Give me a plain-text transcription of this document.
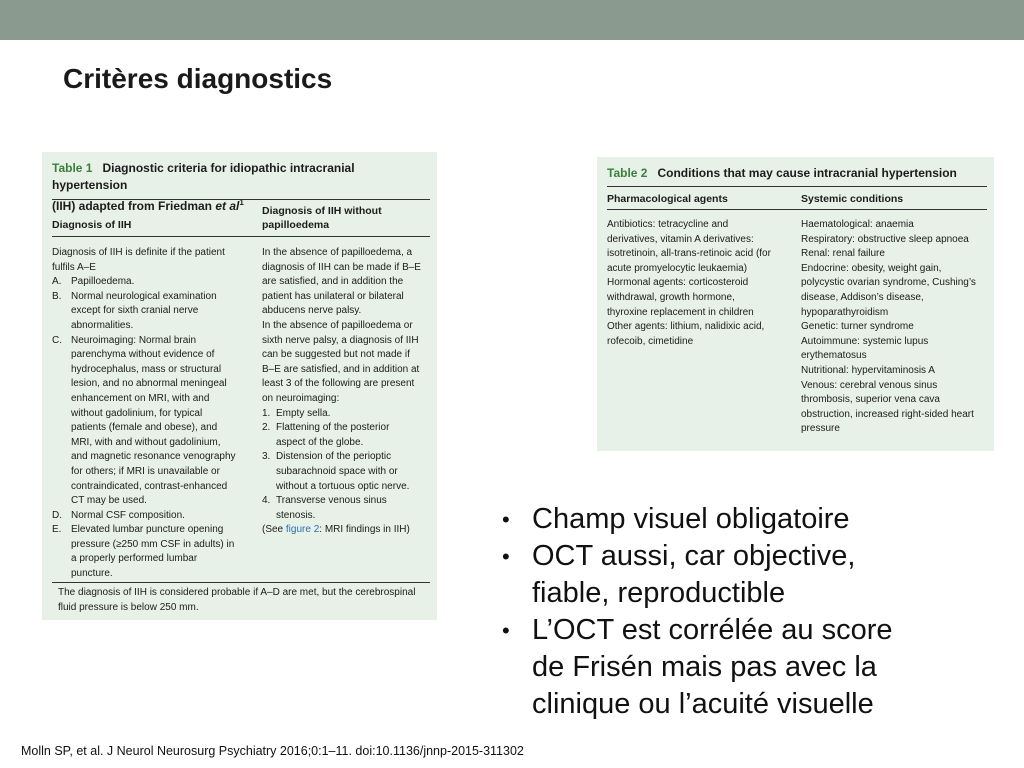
Critères diagnostics
Table 1 Diagnostic criteria for idiopathic intracranial hypertension
(IIH) adapted from Friedman et $al^1$
Diagnosis of IIH
Diagnosis of IIH without papilloedema
Diagnosis of IIH is definite if the patient
fulfils A–E
A. Papilloedema.
B. Normal neurological examination
except for sixth cranial nerve
abnormalities.
C. Neuroimaging: Normal brain
parenchyma without evidence of
hydrocephalus, mass or structural
lesion, and no abnormal meningeal
enhancement on MRI, with and
without gadolinium, for typical
patients (female and obese), and
MRI, with and without gadolinium,
and magnetic resonance venography
for others; if MRI is unavailable or
contraindicated, contrast-enhanced
CT may be used.
D. Normal CSF composition.
E. Elevated lumbar puncture opening
pressure (≥250 mm CSF in adults) in
a properly performed lumbar
puncture.
In the absence of papilloedema, a
diagnosis of IIH can be made if B–E
are satisfied, and in addition the
patient has unilateral or bilateral
abducens nerve palsy.
In the absence of papilloedema or
sixth nerve palsy, a diagnosis of IIH
can be suggested but not made if
B–E are satisfied, and in addition at
least 3 of the following are present
on neuroimaging:
1. Empty sella.
2. Flattening of the posterior
aspect of the globe.
3. Distension of the perioptic
subarachnoid space with or
without a tortuous optic nerve.
4. Transverse venous sinus
stenosis.
(See figure 2: MRI findings in IIH)
The diagnosis of IIH is considered probable if A–D are met, but the cerebrospinal
fluid pressure is below 250 mm.
Table 2 Conditions that may cause intracranial hypertension
Pharmacological agents	Systemic conditions
Antibiotics: tetracycline and
derivatives, vitamin A derivatives:
isotretinoin, all-trans-retinoic acid (for
acute promyelocytic leukaemia)
Hormonal agents: corticosteroid
withdrawal, growth hormone,
thyroxine replacement in children
Other agents: lithium, nalidixic acid,
rofecoib, cimetidine
Haematological: anaemia
Respiratory: obstructive sleep apnoea
Renal: renal failure
Endocrine: obesity, weight gain,
polycystic ovarian syndrome, Cushing’s
disease, Addison’s disease,
hypoparathyroidism
Genetic: turner syndrome
Autoimmune: systemic lupus
erythematosus
Nutritional: hypervitaminosis A
Venous: cerebral venous sinus
thrombosis, superior vena cava
obstruction, increased right-sided heart
pressure
• Champ visuel obligatoire
• OCT aussi, car objective,
fiable, reproductible
• L’OCT est corrélée au score
de Frisén mais pas avec la
clinique ou l’acuité visuelle
Molln SP, et al. J Neurol Neurosurg Psychiatry 2016;0:1–11. doi:10.1136/jnnp-2015-311302
